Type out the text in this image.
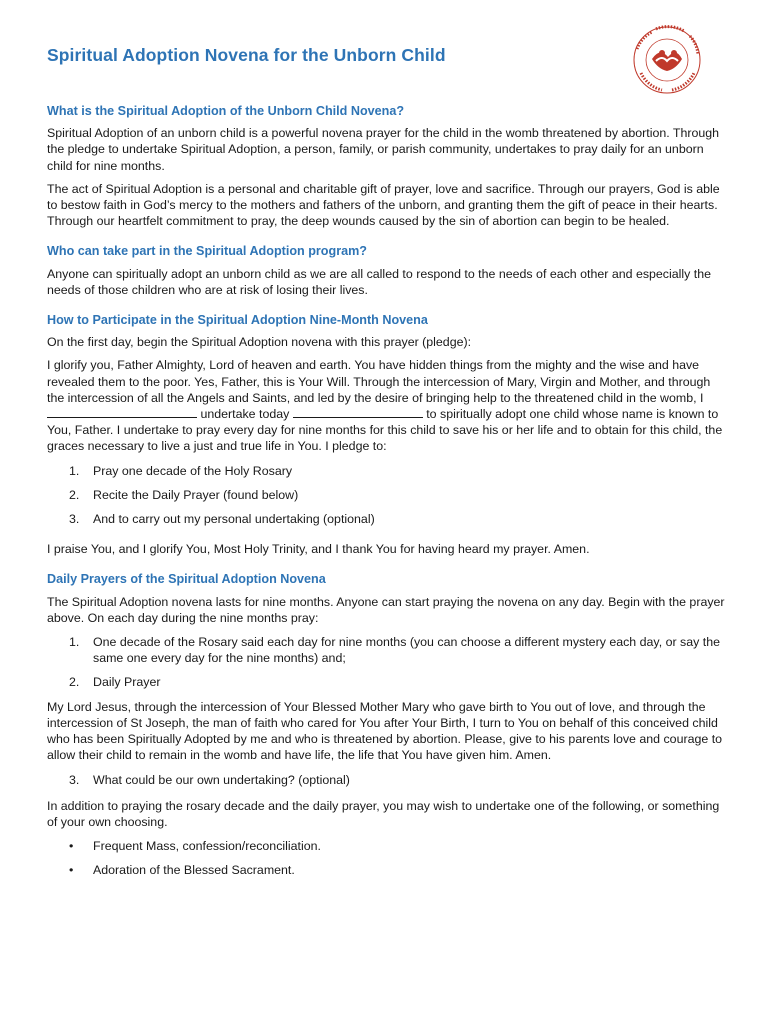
Spiritual Adoption Novena for the Unborn Child
What is the Spiritual Adoption of the Unborn Child Novena?

Spiritual Adoption of an unborn child is a powerful novena prayer for the child in the womb threatened by abortion. Through the pledge to undertake Spiritual Adoption, a person, family, or parish community, undertakes to pray daily for an unborn child for nine months.

The act of Spiritual Adoption is a personal and charitable gift of prayer, love and sacrifice. Through our prayers, God is able to bestow faith in God’s mercy to the mothers and fathers of the unborn, and granting them the gift of peace in their hearts. Through our heartfelt commitment to pray, the deep wounds caused by the sin of abortion can begin to be healed.

Who can take part in the Spiritual Adoption program?

Anyone can spiritually adopt an unborn child as we are all called to respond to the needs of each other and especially the needs of those children who are at risk of losing their lives.

How to Participate in the Spiritual Adoption Nine-Month Novena

On the first day, begin the Spiritual Adoption novena with this prayer (pledge):

I glorify you, Father Almighty, Lord of heaven and earth. You have hidden things from the mighty and the wise and have revealed them to the poor. Yes, Father, this is Your Will. Through the intercession of Mary, Virgin and Mother, and through the intercession of all the Angels and Saints, and led by the desire of bringing help to the threatened child in the womb, I  undertake today	to spiritually adopt one child whose name is known to You, Father. I undertake to pray every day for nine months for this child to save his or her life and to obtain for this child, the graces necessary to live a just and true life in You. I pledge to:

1. Pray one decade of the Holy Rosary
2. Recite the Daily Prayer (found below)
3. And to carry out my personal undertaking (optional)

I praise You, and I glorify You, Most Holy Trinity, and I thank You for having heard my prayer. Amen.

Daily Prayers of the Spiritual Adoption Novena

The Spiritual Adoption novena lasts for nine months. Anyone can start praying the novena on any day. Begin with the prayer above. On each day during the nine months pray:

1. One decade of the Rosary said each day for nine months (you can choose a different mystery each day, or say the same one every day for the nine months) and;
2. Daily Prayer

My Lord Jesus, through the intercession of Your Blessed Mother Mary who gave birth to You out of love, and through the intercession of St Joseph, the man of faith who cared for You after Your Birth, I turn to You on behalf of this conceived child who has been Spiritually Adopted by me and who is threatened by abortion. Please, give to his parents love and courage to allow their child to remain in the womb and have life, the life that You have given him. Amen.

3. What could be our own undertaking? (optional)

In addition to praying the rosary decade and the daily prayer, you may wish to undertake one of the following, or something of your own choosing.

• Frequent Mass, confession/reconciliation.
• Adoration of the Blessed Sacrament.
